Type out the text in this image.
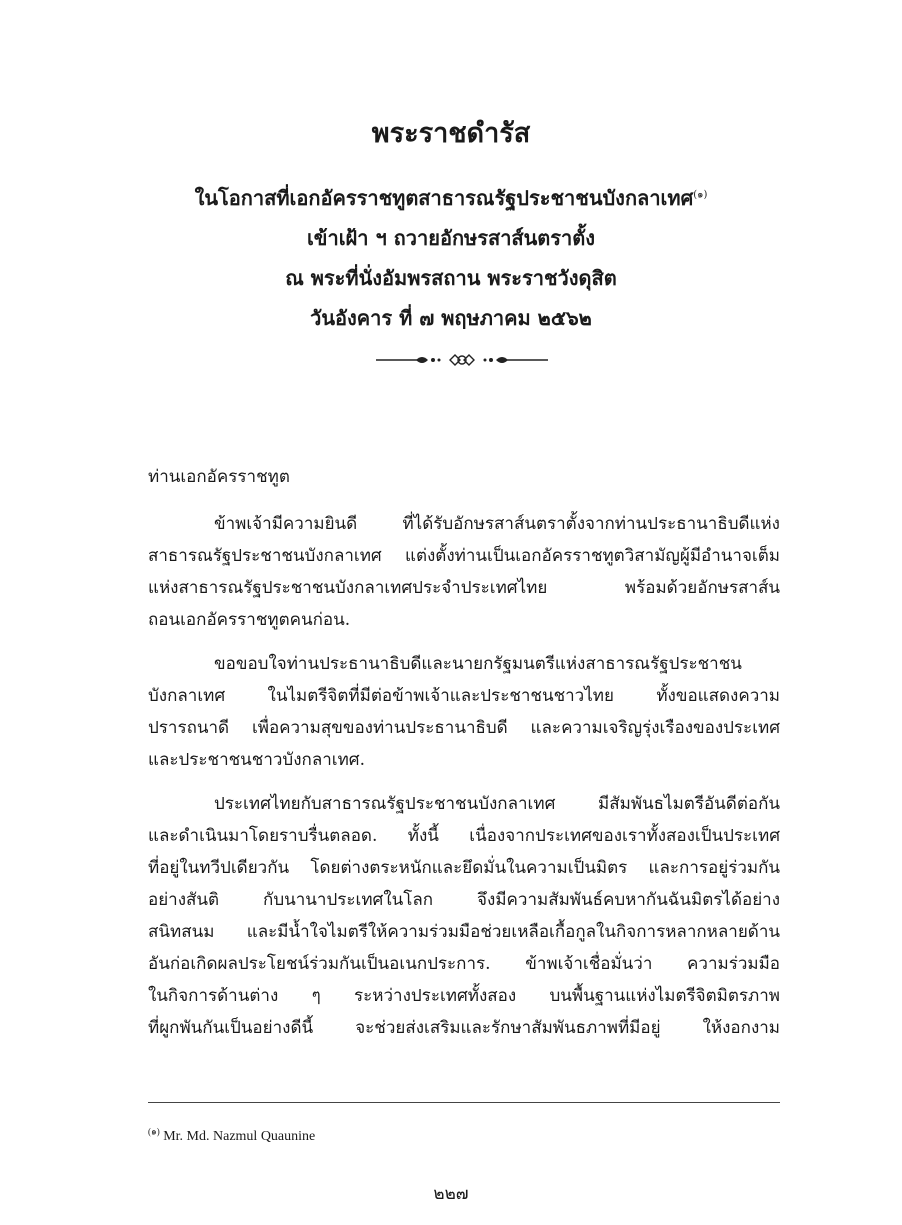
พระราชดำรัส
ในโอกาสที่เอกอัครราชทูตสาธารณรัฐประชาชนบังกลาเทศ$^{(๑)}$
เข้าเฝ้า ฯ ถวายอักษรสาส์นตราตั้ง
ณ พระที่นั่งอัมพรสถาน พระราชวังดุสิต
วันอังคาร ที่ ๗ พฤษภาคม ๒๕๖๒
ท่านเอกอัครราชทูต
ข้าพเจ้ามีความยินดี ที่ได้รับอักษรสาส์นตราตั้งจากท่านประธานาธิบดีแห่ง
สาธารณรัฐประชาชนบังกลาเทศ แต่งตั้งท่านเป็นเอกอัครราชทูตวิสามัญผู้มีอำนาจเต็ม
แห่งสาธารณรัฐประชาชนบังกลาเทศประจำประเทศไทย พร้อมด้วยอักษรสาส์น
ถอนเอกอัครราชทูตคนก่อน.
ขอขอบใจท่านประธานาธิบดีและนายกรัฐมนตรีแห่งสาธารณรัฐประชาชน
บังกลาเทศ ในไมตรีจิตที่มีต่อข้าพเจ้าและประชาชนชาวไทย ทั้งขอแสดงความ
ปรารถนาดี เพื่อความสุขของท่านประธานาธิบดี และความเจริญรุ่งเรืองของประเทศ
และประชาชนชาวบังกลาเทศ.
ประเทศไทยกับสาธารณรัฐประชาชนบังกลาเทศ มีสัมพันธไมตรีอันดีต่อกัน
และดำเนินมาโดยราบรื่นตลอด. ทั้งนี้ เนื่องจากประเทศของเราทั้งสองเป็นประเทศ
ที่อยู่ในทวีปเดียวกัน โดยต่างตระหนักและยึดมั่นในความเป็นมิตร และการอยู่ร่วมกัน
อย่างสันติ กับนานาประเทศในโลก จึงมีความสัมพันธ์คบหากันฉันมิตรได้อย่าง
สนิทสนม และมีน้ำใจไมตรีให้ความร่วมมือช่วยเหลือเกื้อกูลในกิจการหลากหลายด้าน
อันก่อเกิดผลประโยชน์ร่วมกันเป็นอเนกประการ. ข้าพเจ้าเชื่อมั่นว่า ความร่วมมือ
ในกิจการด้านต่าง ๆ ระหว่างประเทศทั้งสอง บนพื้นฐานแห่งไมตรีจิตมิตรภาพ
ที่ผูกพันกันเป็นอย่างดีนี้ จะช่วยส่งเสริมและรักษาสัมพันธภาพที่มีอยู่ ให้งอกงาม
$^{(๑)}$ Mr. Md. Nazmul Quaunine
๒๒๗
